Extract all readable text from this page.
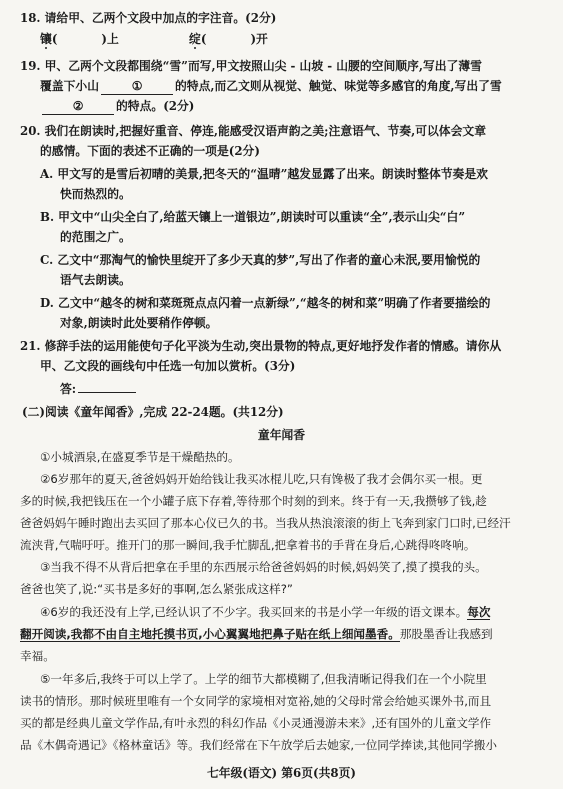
18. 请给甲、乙两个文段中加点的字注音。(2分)
镶(	)上	绽(	)开
19. 甲、乙两个文段都围绕“雪”而写,甲文按照山尖 - 山坡 - 山腰的空间顺序,写出了薄雪
覆盖下小山	①	的特点,而乙文则从视觉、触觉、味觉等多感官的角度,写出了雪
②	的特点。(2分)
20. 我们在朗读时,把握好重音、停连,能感受汉语声韵之美;注意语气、节奏,可以体会文章
的感情。下面的表述不正确的一项是(2分)
A. 甲文写的是雪后初晴的美景,把冬天的“温晴”越发显露了出来。朗读时整体节奏是欢
快而热烈的。
B. 甲文中“山尖全白了,给蓝天镶上一道银边”,朗读时可以重读“全”,表示山尖“白”
的范围之广。
C. 乙文中“那淘气的愉快里绽开了多少天真的梦”,写出了作者的童心未泯,要用愉悦的
语气去朗读。
D. 乙文中“越冬的树和菜斑斑点点闪着一点新绿”,“越冬的树和菜”明确了作者要描绘的
对象,朗读时此处要稍作停顿。
21. 修辞手法的运用能使句子化平淡为生动,突出景物的特点,更好地抒发作者的情感。请你从
甲、乙文段的画线句中任选一句加以赏析。(3分)
答:
(二)阅读《童年闻香》,完成 22-24题。(共12分)
童年闻香
①小城酒泉,在盛夏季节是干燥酷热的。
②6岁那年的夏天,爸爸妈妈开始给钱让我买冰棍儿吃,只有馋极了我才会偶尔买一根。更
多的时候,我把钱压在一个小罐子底下存着,等待那个时刻的到来。终于有一天,我攒够了钱,趁
爸爸妈妈午睡时跑出去买回了那本心仪已久的书。当我从热浪滚滚的街上飞奔到家门口时,已经汗
流浃背,气喘吁吁。推开门的那一瞬间,我手忙脚乱,把拿着书的手背在身后,心跳得咚咚响。
③当我不得不从背后把拿在手里的东西展示给爸爸妈妈的时候,妈妈笑了,摸了摸我的头。
爸爸也笑了,说:“买书是多好的事啊,怎么紧张成这样?”
④6岁的我还没有上学,已经认识了不少字。我买回来的书是小学一年级的语文课本。每次
翻开阅读,我都不由自主地托摸书页,小心翼翼地把鼻子贴在纸上细闻墨香。那股墨香让我感到
幸福。
⑤一年多后,我终于可以上学了。上学的细节大都模糊了,但我清晰记得我们在一个小院里
读书的情形。那时候班里唯有一个女同学的家境相对宽裕,她的父母时常会给她买课外书,而且
买的都是经典儿童文学作品,有叶永烈的科幻作品《小灵通漫游未来》,还有国外的儿童文学作
品《木偶奇遇记》《格林童话》等。我们经常在下午放学后去她家,一位同学捧读,其他同学搬小
七年级(语文) 第6页(共8页)
